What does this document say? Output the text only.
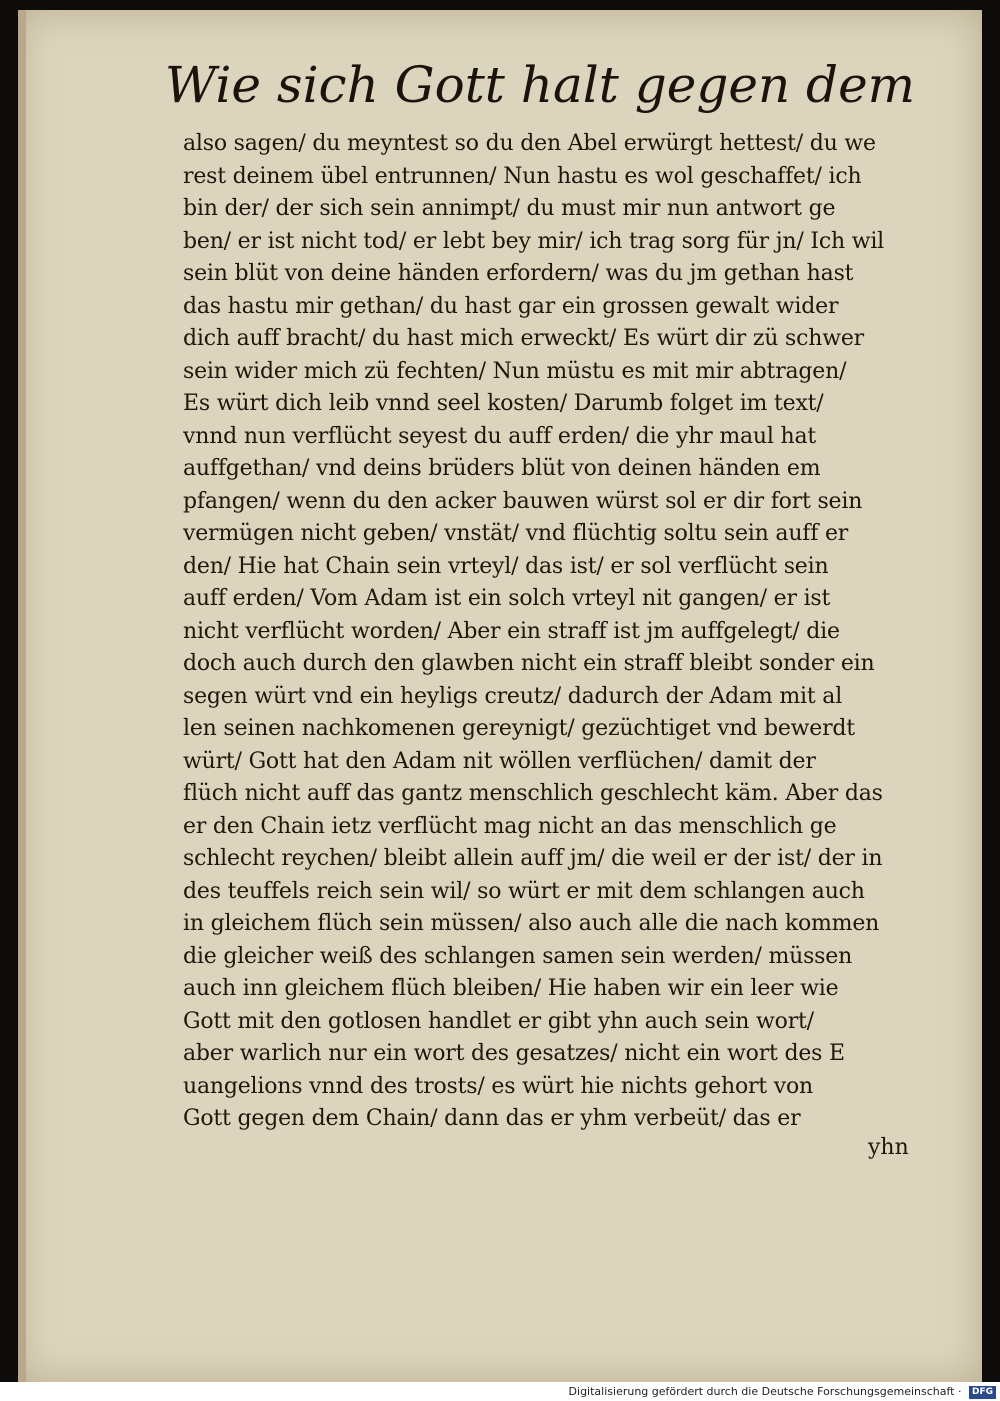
Wie sich Gott halt gegen dem
also sagen/ du meyntest so du den Abel erwürgt hettest/ du we
rest deinem übel entrunnen/ Nun hastu es wol geschaffet/ ich
bin der/ der sich sein annimpt/ du must mir nun antwort ge
ben/ er ist nicht tod/ er lebt bey mir/ ich trag sorg für jn/ Ich wil
sein blüt von deine händen erfordern/ was du jm gethan hast
das hastu mir gethan/ du hast gar ein grossen gewalt wider
dich auff bracht/ du hast mich erweckt/ Es würt dir zü schwer
sein wider mich zü fechten/ Nun müstu es mit mir abtragen/
Es würt dich leib vnnd seel kosten/ Darumb folget im text/
vnnd nun verflücht seyest du auff erden/ die yhr maul hat
auffgethan/ vnd deins brüders blüt von deinen händen em
pfangen/ wenn du den acker bauwen würst sol er dir fort sein
vermügen nicht geben/ vnstät/ vnd flüchtig soltu sein auff er
den/ Hie hat Chain sein vrteyl/ das ist/ er sol verflücht sein
auff erden/ Vom Adam ist ein solch vrteyl nit gangen/ er ist
nicht verflücht worden/ Aber ein straff ist jm auffgelegt/ die
doch auch durch den glawben nicht ein straff bleibt sonder ein
segen würt vnd ein heyligs creutz/ dadurch der Adam mit al
len seinen nachkomenen gereynigt/ gezüchtiget vnd bewerdt
würt/ Gott hat den Adam nit wöllen verflüchen/ damit der
flüch nicht auff das gantz menschlich geschlecht käm. Aber das
er den Chain ietz verflücht mag nicht an das menschlich ge
schlecht reychen/ bleibt allein auff jm/ die weil er der ist/ der in
des teuffels reich sein wil/ so würt er mit dem schlangen auch
in gleichem flüch sein müssen/ also auch alle die nach kommen
die gleicher weiß des schlangen samen sein werden/ müssen
auch inn gleichem flüch bleiben/ Hie haben wir ein leer wie
Gott mit den gotlosen handlet er gibt yhn auch sein wort/
aber warlich nur ein wort des gesatzes/ nicht ein wort des E
uangelions vnnd des trosts/ es würt hie nichts gehort von
Gott gegen dem Chain/ dann das er yhm verbeüt/ das er
yhn
Digitalisierung gefördert durch die Deutsche Forschungsgemeinschaft · DFG
